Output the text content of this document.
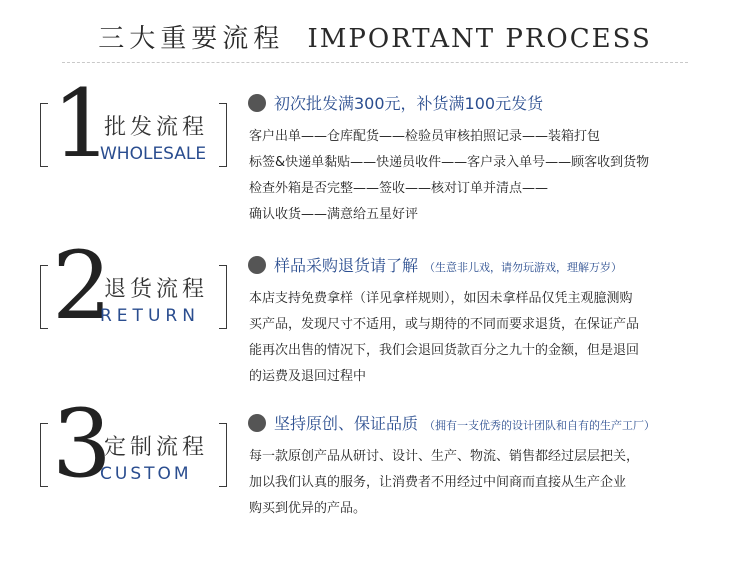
三大重要流程 IMPORTANT PROCESS
1
批发流程
WHOLESALE
初次批发满300元，补货满100元发货
客户出单——仓库配货——检验员审核拍照记录——装箱打包
标签&快递单黏贴——快递员收件——客户录入单号——顾客收到货物
检查外箱是否完整——签收——核对订单并清点——
确认收货——满意给五星好评
2
退货流程
RETURN
样品采购退货请了解 （生意非儿戏，请勿玩游戏，理解万岁）
本店支持免费拿样（详见拿样规则），如因未拿样品仅凭主观臆测购
买产品，发现尺寸不适用，或与期待的不同而要求退货，在保证产品
能再次出售的情况下，我们会退回货款百分之九十的金额，但是退回
的运费及退回过程中
3
定制流程
CUSTOM
坚持原创、保证品质 （拥有一支优秀的设计团队和自有的生产工厂）
每一款原创产品从研讨、设计、生产、物流、销售都经过层层把关，
加以我们认真的服务，让消费者不用经过中间商而直接从生产企业
购买到优异的产品。
